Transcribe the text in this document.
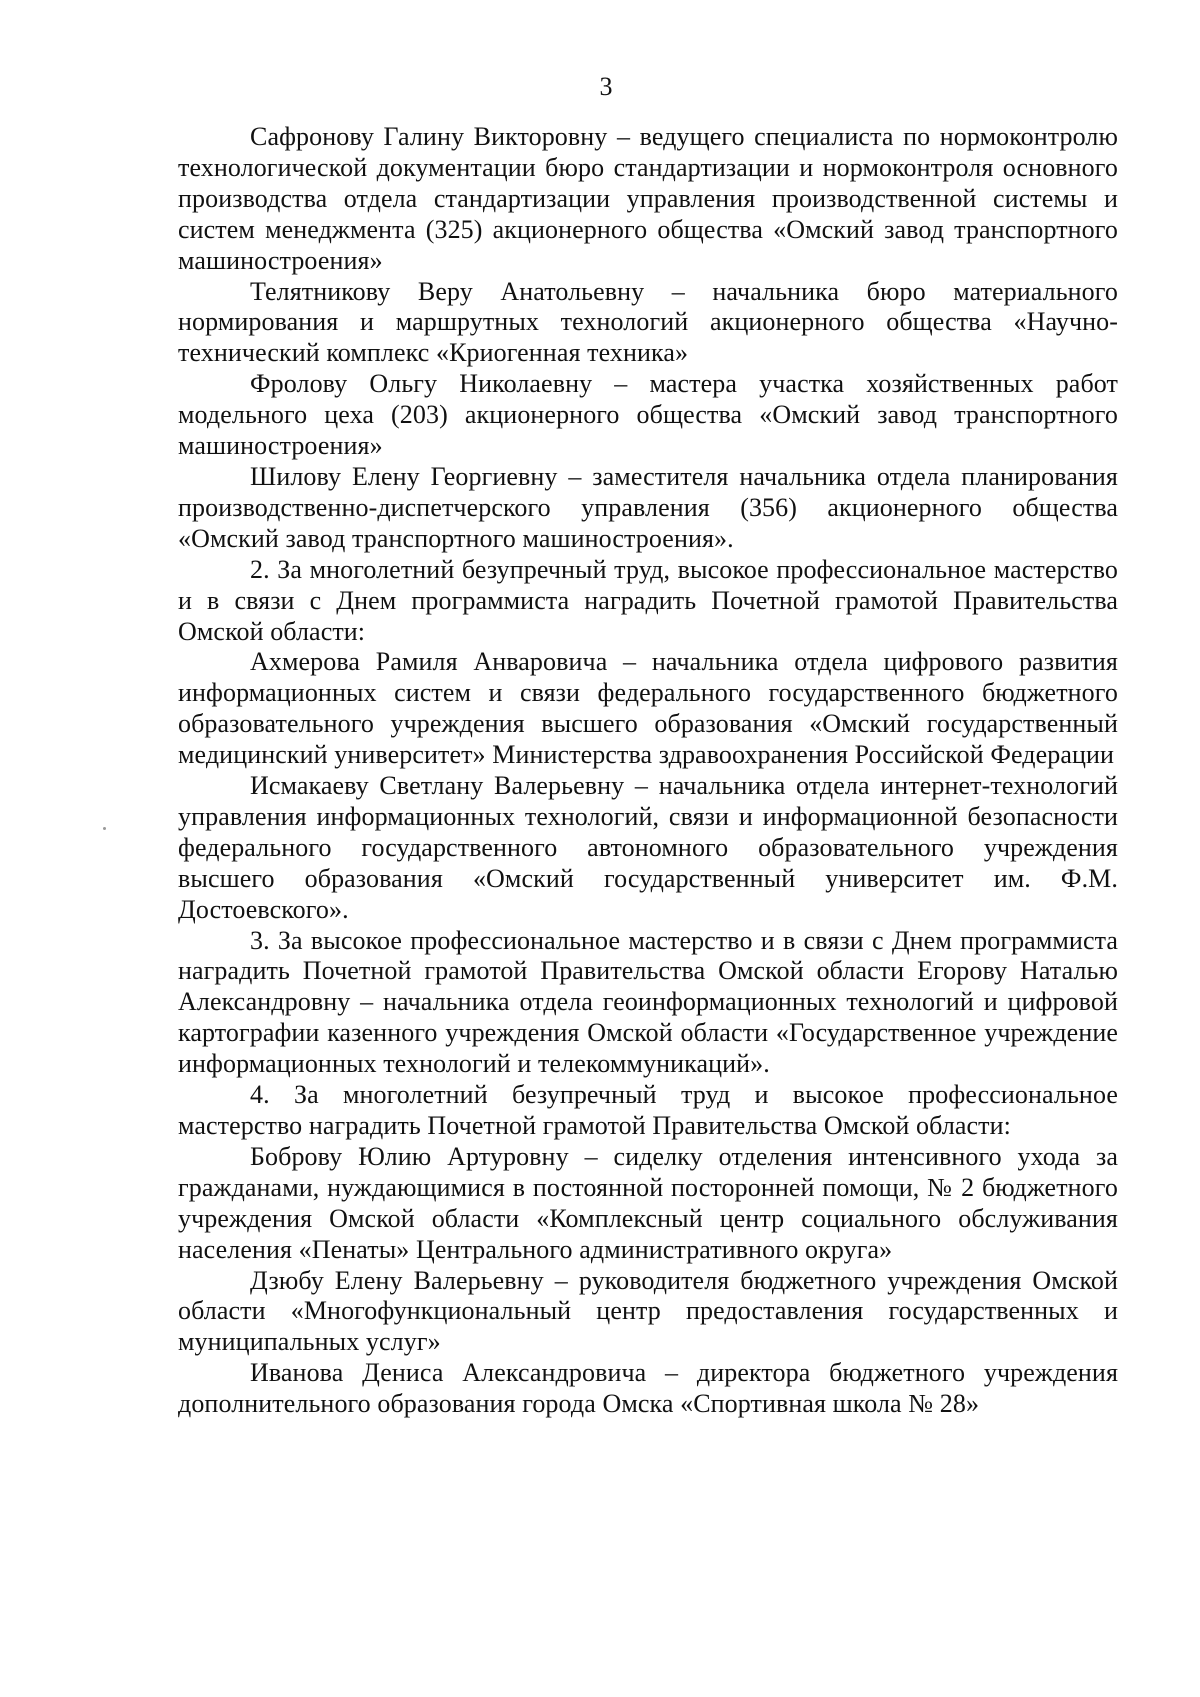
3

Сафронову Галину Викторовну – ведущего специалиста по нормоконтролю технологической документации бюро стандартизации и нормоконтроля основного производства отдела стандартизации управления производственной системы и систем менеджмента (325) акционерного общества «Омский завод транспортного машиностроения»

Телятникову Веру Анатольевну – начальника бюро материального нормирования и маршрутных технологий акционерного общества «Научно-технический комплекс «Криогенная техника»

Фролову Ольгу Николаевну – мастера участка хозяйственных работ модельного цеха (203) акционерного общества «Омский завод транспортного машиностроения»

Шилову Елену Георгиевну – заместителя начальника отдела планирования производственно-диспетчерского управления (356) акционерного общества «Омский завод транспортного машиностроения».

2. За многолетний безупречный труд, высокое профессиональное мастерство и в связи с Днем программиста наградить Почетной грамотой Правительства Омской области:

Ахмерова Рамиля Анваровича – начальника отдела цифрового развития информационных систем и связи федерального государственного бюджетного образовательного учреждения высшего образования «Омский государственный медицинский университет» Министерства здравоохранения Российской Федерации

Исмакаеву Светлану Валерьевну – начальника отдела интернет-технологий управления информационных технологий, связи и информационной безопасности федерального государственного автономного образовательного учреждения высшего образования «Омский государственный университет им. Ф.М. Достоевского».

3. За высокое профессиональное мастерство и в связи с Днем программиста наградить Почетной грамотой Правительства Омской области Егорову Наталью Александровну – начальника отдела геоинформационных технологий и цифровой картографии казенного учреждения Омской области «Государственное учреждение информационных технологий и телекоммуникаций».

4. За многолетний безупречный труд и высокое профессиональное мастерство наградить Почетной грамотой Правительства Омской области:

Боброву Юлию Артуровну – сиделку отделения интенсивного ухода за гражданами, нуждающимися в постоянной посторонней помощи, № 2 бюджетного учреждения Омской области «Комплексный центр социального обслуживания населения «Пенаты» Центрального административного округа»

Дзюбу Елену Валерьевну – руководителя бюджетного учреждения Омской области «Многофункциональный центр предоставления государственных и муниципальных услуг»

Иванова Дениса Александровича – директора бюджетного учреждения дополнительного образования города Омска «Спортивная школа № 28»
